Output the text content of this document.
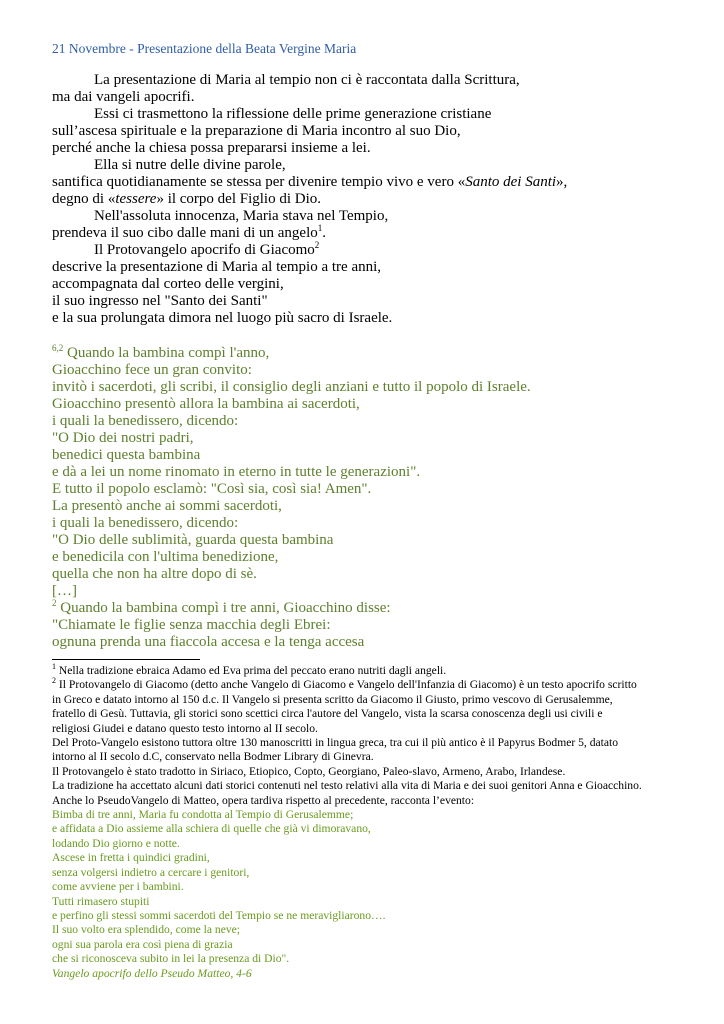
21 Novembre - Presentazione della Beata Vergine Maria
La presentazione di Maria al tempio non ci è raccontata dalla Scrittura,
ma dai vangeli apocrifi.
Essi ci trasmettono la riflessione delle prime generazione cristiane
sull’ascesa spirituale e la preparazione di Maria incontro al suo Dio,
perché anche la chiesa possa prepararsi insieme a lei.
Ella si nutre delle divine parole,
santifica quotidianamente se stessa per divenire tempio vivo e vero «Santo dei Santi»,
degno di «tessere» il corpo del Figlio di Dio.
Nell'assoluta innocenza, Maria stava nel Tempio,
prendeva il suo cibo dalle mani di un angelo$^1$.
Il Protovangelo apocrifo di Giacomo$^2$
descrive la presentazione di Maria al tempio a tre anni,
accompagnata dal corteo delle vergini,
il suo ingresso nel "Santo dei Santi"
e la sua prolungata dimora nel luogo più sacro di Israele.
$^{6,2}$ Quando la bambina compì l'anno,
Gioacchino fece un gran convito:
invitò i sacerdoti, gli scribi, il consiglio degli anziani e tutto il popolo di Israele.
Gioacchino presentò allora la bambina ai sacerdoti,
i quali la benedissero, dicendo:
"O Dio dei nostri padri,
benedici questa bambina
e dà a lei un nome rinomato in eterno in tutte le generazioni".
E tutto il popolo esclamò: "Così sia, così sia! Amen".
La presentò anche ai sommi sacerdoti,
i quali la benedissero, dicendo:
"O Dio delle sublimità, guarda questa bambina
e benedicila con l'ultima benedizione,
quella che non ha altre dopo di sè.
[…]
$^2$ Quando la bambina compì i tre anni, Gioacchino disse:
"Chiamate le figlie senza macchia degli Ebrei:
ognuna prenda una fiaccola accesa e la tenga accesa
$^1$ Nella tradizione ebraica Adamo ed Eva prima del peccato erano nutriti dagli angeli.
$^2$ Il Protovangelo di Giacomo (detto anche Vangelo di Giacomo e Vangelo dell'Infanzia di Giacomo) è un testo apocrifo scritto
in Greco e datato intorno al 150 d.c. Il Vangelo si presenta scritto da Giacomo il Giusto, primo vescovo di Gerusalemme,
fratello di Gesù. Tuttavia, gli storici sono scettici circa l'autore del Vangelo, vista la scarsa conoscenza degli usi civili e
religiosi Giudei e datano questo testo intorno al II secolo.
Del Proto-Vangelo esistono tuttora oltre 130 manoscritti in lingua greca, tra cui il più antico è il Papyrus Bodmer 5, datato
intorno al II secolo d.C, conservato nella Bodmer Library di Ginevra.
Il Protovangelo è stato tradotto in Siriaco, Etiopico, Copto, Georgiano, Paleo-slavo, Armeno, Arabo, Irlandese.
La tradizione ha accettato alcuni dati storici contenuti nel testo relativi alla vita di Maria e dei suoi genitori Anna e Gioacchino.
Anche lo PseudoVangelo di Matteo, opera tardiva rispetto al precedente, racconta l’evento:
Bimba di tre anni, Maria fu condotta al Tempio di Gerusalemme;
e affidata a Dio assieme alla schiera di quelle che già vi dimoravano,
lodando Dio giorno e notte.
Ascese in fretta i quindici gradini,
senza volgersi indietro a cercare i genitori,
come avviene per i bambini.
Tutti rimasero stupiti
e perfino gli stessi sommi sacerdoti del Tempio se ne meravigliarono….
Il suo volto era splendido, come la neve;
ogni sua parola era così piena di grazia
che si riconosceva subito in lei la presenza di Dio".
Vangelo apocrifo dello Pseudo Matteo, 4-6
